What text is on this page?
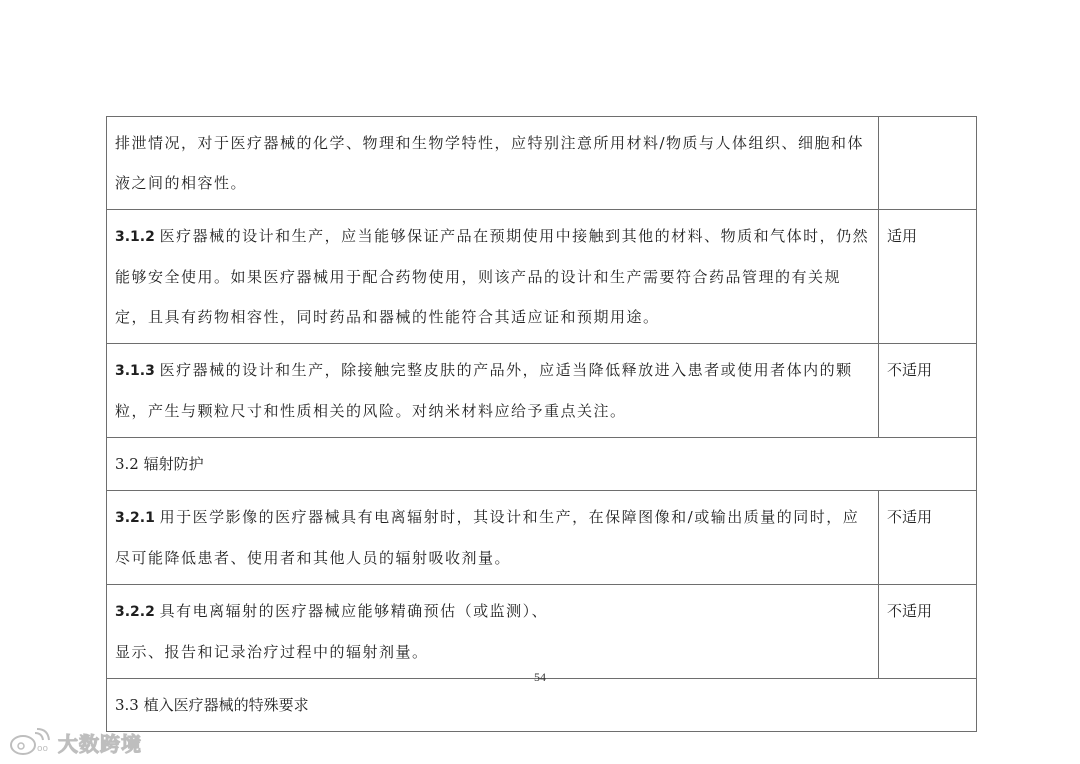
排泄情况，对于医疗器械的化学、物理和生物学特性，应特别注意所用材料/物质与人体组织、细胞和体液之间的相容性。	
3.1.2 医疗器械的设计和生产，应当能够保证产品在预期使用中接触到其他的材料、物质和气体时，仍然能够安全使用。如果医疗器械用于配合药物使用，则该产品的设计和生产需要符合药品管理的有关规定，且具有药物相容性，同时药品和器械的性能符合其适应证和预期用途。	适用
3.1.3 医疗器械的设计和生产，除接触完整皮肤的产品外，应适当降低释放进入患者或使用者体内的颗粒，产生与颗粒尺寸和性质相关的风险。对纳米材料应给予重点关注。	不适用
3.2 辐射防护	
3.2.1 用于医学影像的医疗器械具有电离辐射时，其设计和生产，在保障图像和/或输出质量的同时，应尽可能降低患者、使用者和其他人员的辐射吸收剂量。	不适用
3.2.2 具有电离辐射的医疗器械应能够精确预估（或监测）、
显示、报告和记录治疗过程中的辐射剂量。	不适用
3.3 植入医疗器械的特殊要求	
54
oo 大数跨境
